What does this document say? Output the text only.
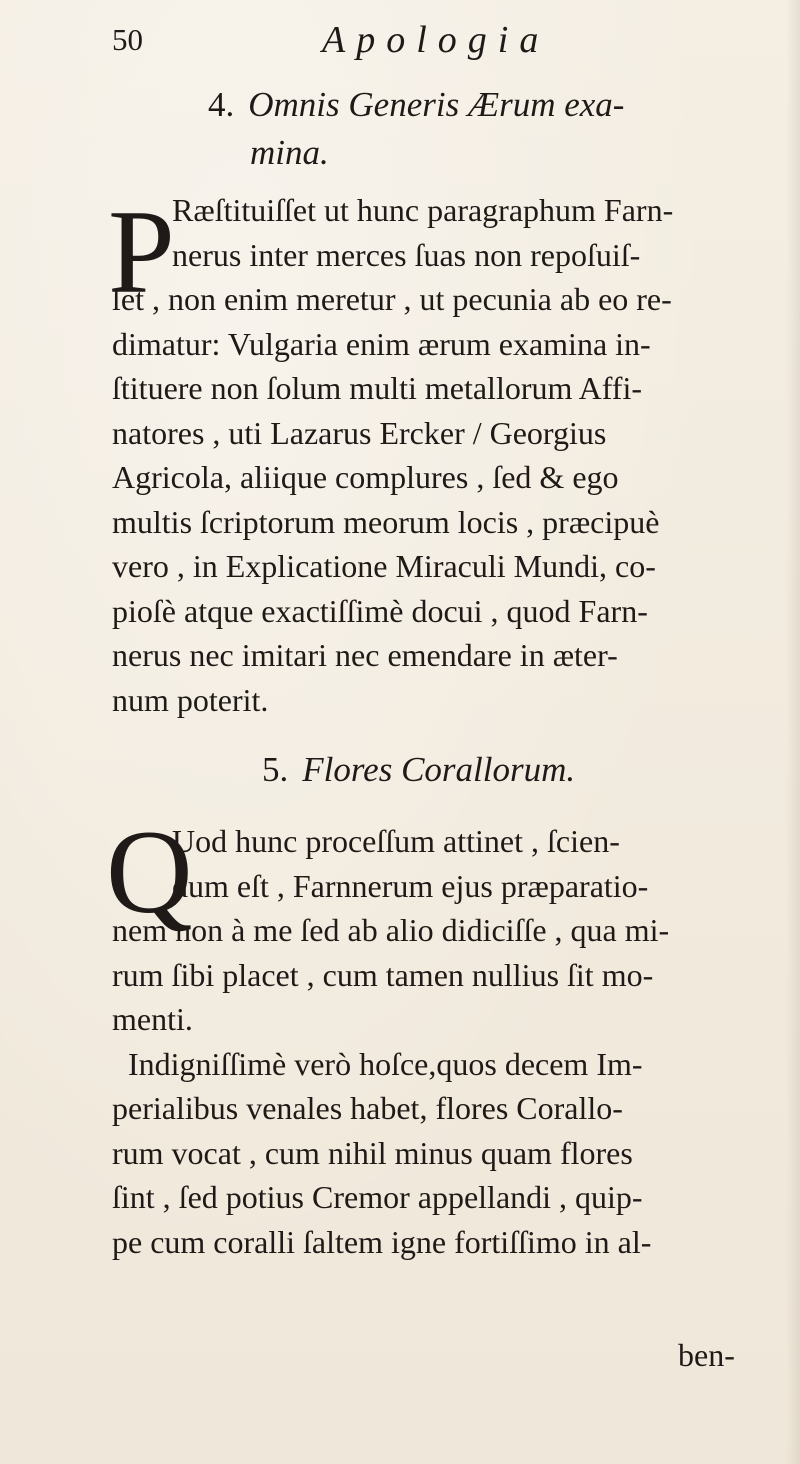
50	Apologia
4. Omnis Generis Ærum exa-
mina.
P
Ræſtituiſſet ut hunc paragraphum Farn-
nerus inter merces ſuas non repoſuiſ-
ſet , non enim meretur , ut pecunia ab eo re-
dimatur: Vulgaria enim ærum examina in-
ſtituere non ſolum multi metallorum Affi-
natores , uti Lazarus Ercker / Georgius
Agricola, aliique complures , ſed & ego
multis ſcriptorum meorum locis , præcipuè
vero , in Explicatione Miraculi Mundi, co-
pioſè atque exactiſſimè docui , quod Farn-
nerus nec imitari nec emendare in æter-
num poterit.
5. Flores Corallorum.
Q
Uod hunc proceſſum attinet , ſcien-
dum eſt , Farnnerum ejus præparatio-
nem non à me ſed ab alio didiciſſe , qua mi-
rum ſibi placet , cum tamen nullius ſit mo-
menti.
Indigniſſimè verò hoſce,quos decem Im-
perialibus venales habet, flores Corallo-
rum vocat , cum nihil minus quam flores
ſint , ſed potius Cremor appellandi , quip-
pe cum coralli ſaltem igne fortiſſimo in al-
ben-
